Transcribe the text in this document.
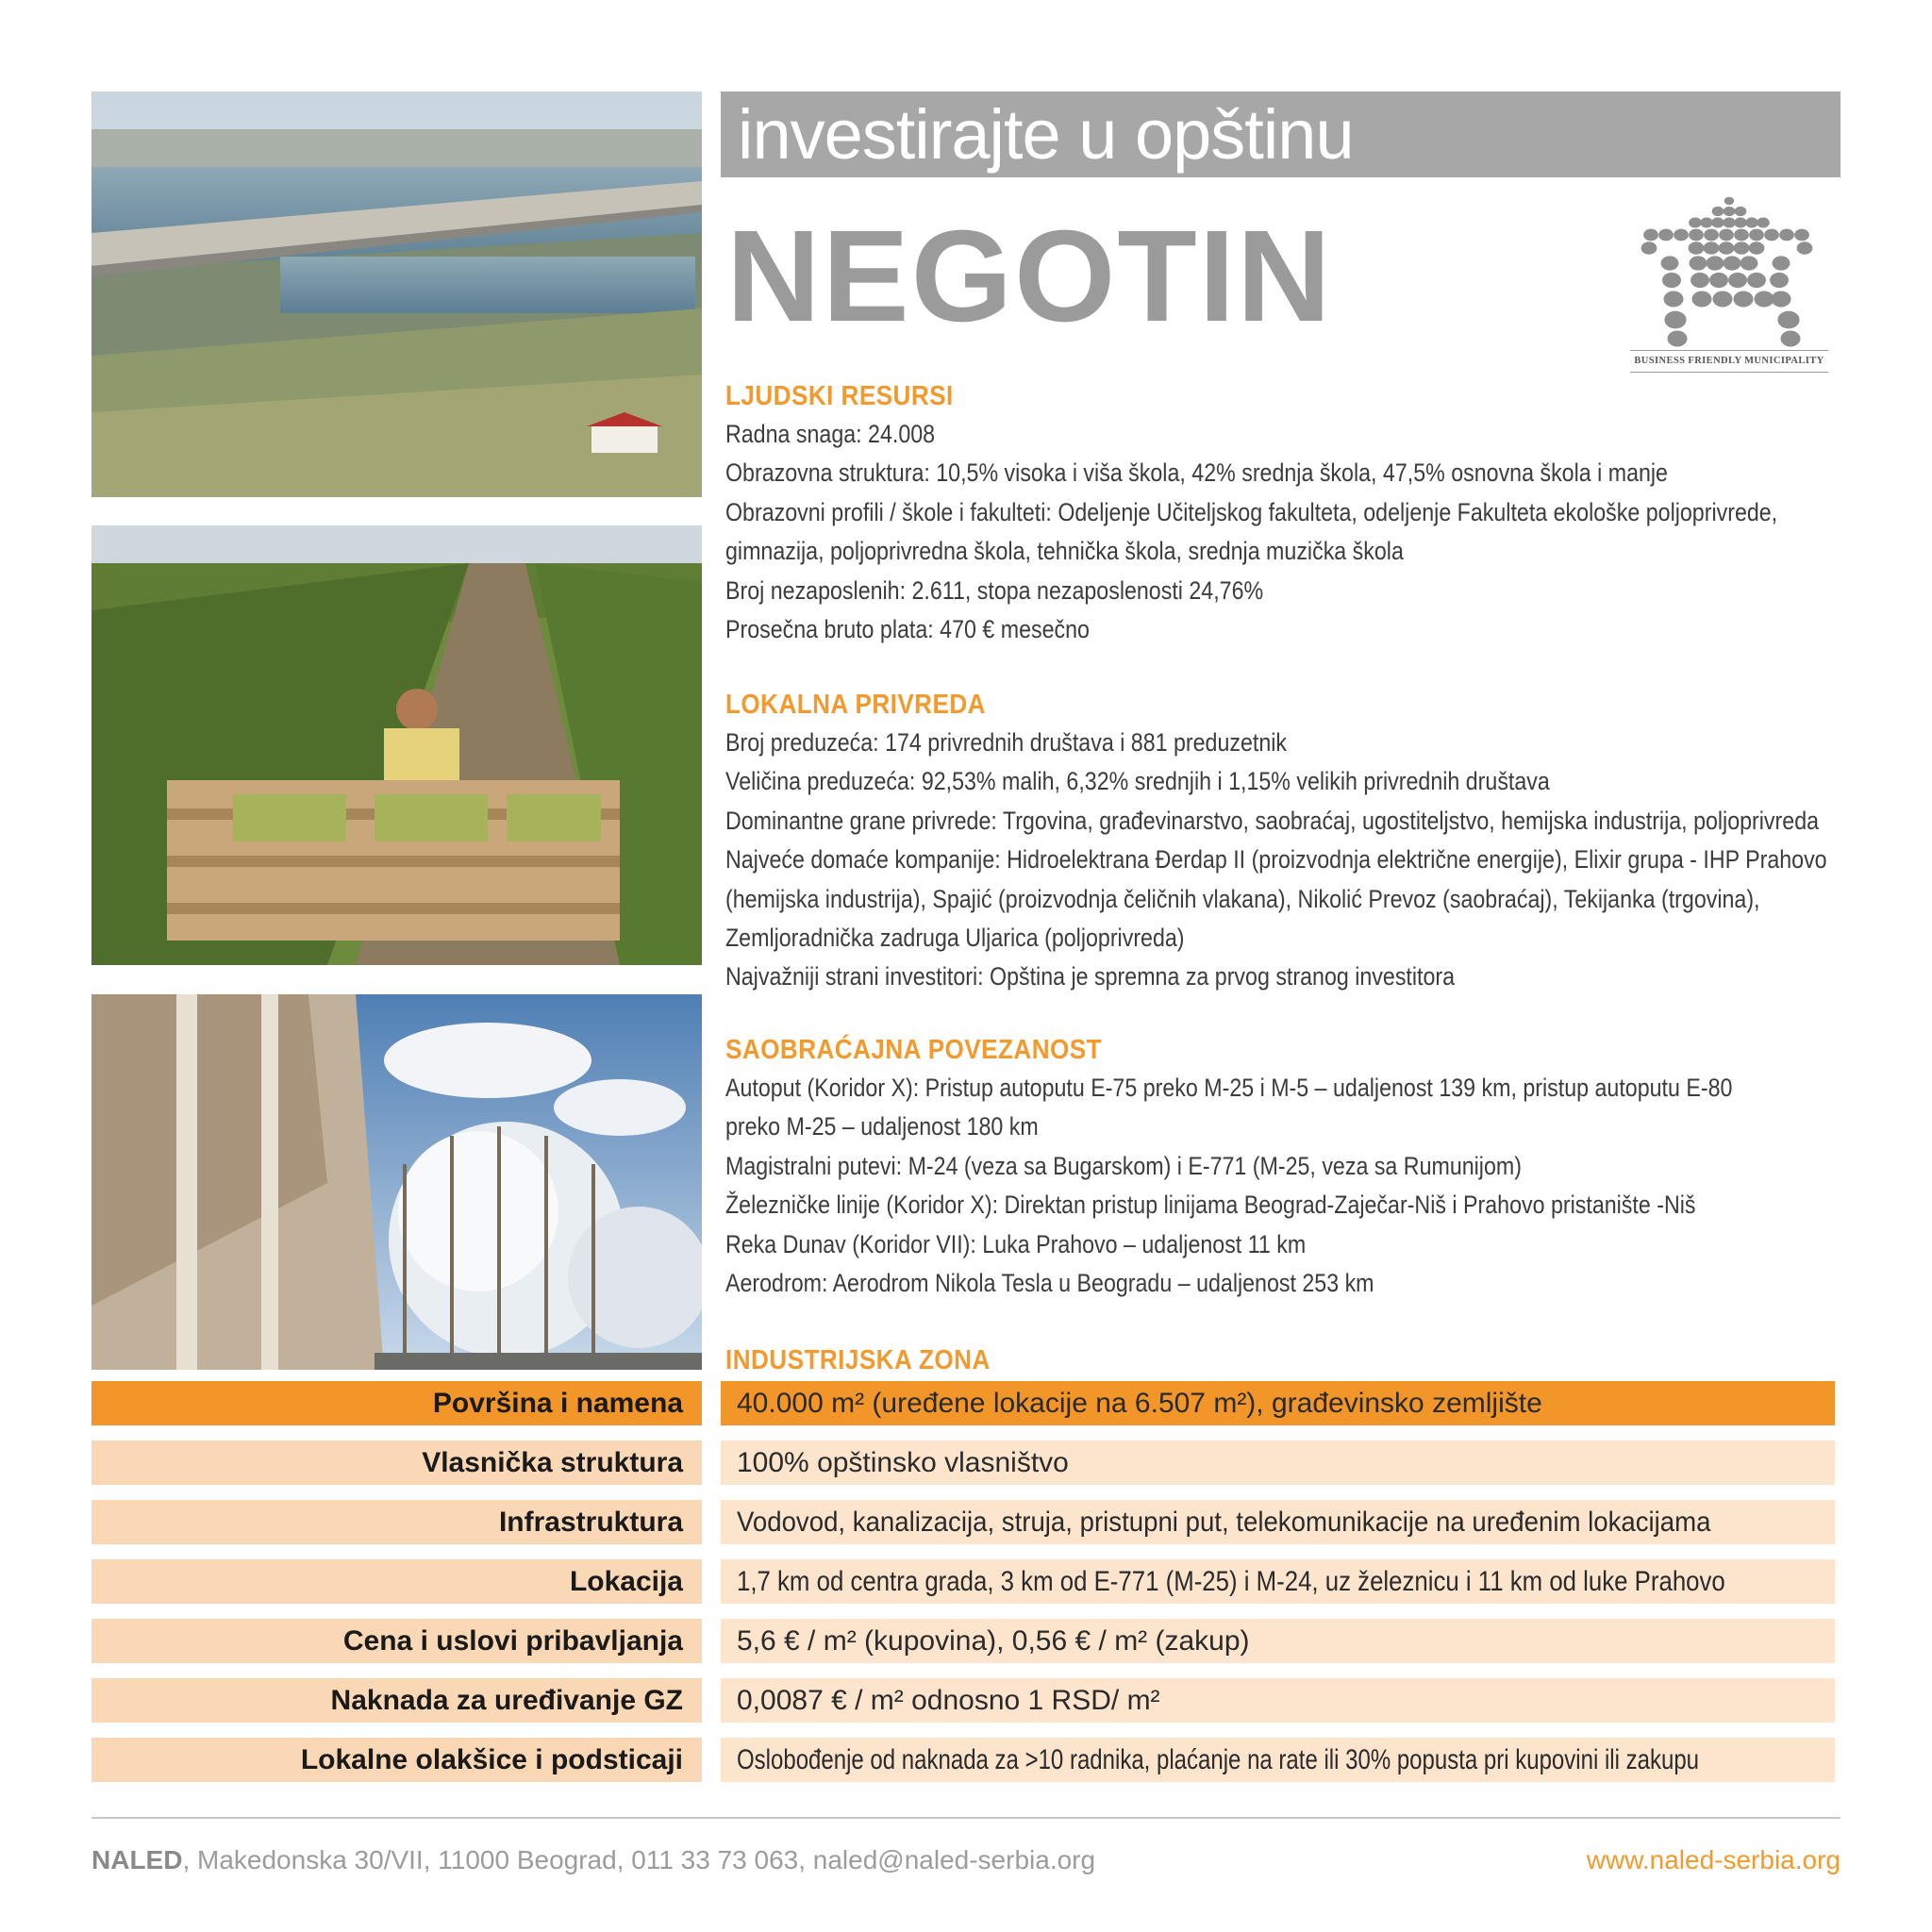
investirajte u opštinu
NEGOTIN
BUSINESS FRIENDLY MUNICIPALITY
LJUDSKI RESURSI
Radna snaga: 24.008
Obrazovna struktura: 10,5% visoka i viša škola, 42% srednja škola, 47,5% osnovna škola i manje
Obrazovni profili / škole i fakulteti: Odeljenje Učiteljskog fakulteta, odeljenje Fakulteta ekološke poljoprivrede,
gimnazija, poljoprivredna škola, tehnička škola, srednja muzička škola
Broj nezaposlenih: 2.611, stopa nezaposlenosti 24,76%
Prosečna bruto plata: 470 € mesečno
LOKALNA PRIVREDA
Broj preduzeća: 174 privrednih društava i 881 preduzetnik
Veličina preduzeća: 92,53% malih, 6,32% srednjih i 1,15% velikih privrednih društava
Dominantne grane privrede: Trgovina, građevinarstvo, saobraćaj, ugostiteljstvo, hemijska industrija, poljoprivreda
Najveće domaće kompanije: Hidroelektrana Đerdap II (proizvodnja električne energije), Elixir grupa - IHP Prahovo
(hemijska industrija), Spajić (proizvodnja čeličnih vlakana), Nikolić Prevoz (saobraćaj), Tekijanka (trgovina),
Zemljoradnička zadruga Uljarica (poljoprivreda)
Najvažniji strani investitori: Opština je spremna za prvog stranog investitora
SAOBRAĆAJNA POVEZANOST
Autoput (Koridor X): Pristup autoputu E-75 preko M-25 i M-5 – udaljenost 139 km, pristup autoputu E-80
preko M-25 – udaljenost 180 km
Magistralni putevi: M-24 (veza sa Bugarskom) i E-771 (M-25, veza sa Rumunijom)
Železničke linije (Koridor X): Direktan pristup linijama Beograd-Zaječar-Niš i Prahovo pristanište -Niš
Reka Dunav (Koridor VII): Luka Prahovo – udaljenost 11 km
Aerodrom: Aerodrom Nikola Tesla u Beogradu – udaljenost 253 km
INDUSTRIJSKA ZONA
Površina i namena	40.000 m² (uređene lokacije na 6.507 m²), građevinsko zemljište
Vlasnička struktura	100% opštinsko vlasništvo
Infrastruktura	Vodovod, kanalizacija, struja, pristupni put, telekomunikacije na uređenim lokacijama
Lokacija	1,7 km od centra grada, 3 km od E-771 (M-25) i M-24, uz železnicu i 11 km od luke Prahovo
Cena i uslovi pribavljanja	5,6 € / m² (kupovina), 0,56 € / m² (zakup)
Naknada za uređivanje GZ	0,0087 € / m² odnosno 1 RSD/ m²
Lokalne olakšice i podsticaji	Oslobođenje od naknada za >10 radnika, plaćanje na rate ili 30% popusta pri kupovini ili zakupu
NALED, Makedonska 30/VII, 11000 Beograd, 011 33 73 063, naled@naled-serbia.org	www.naled-serbia.org
